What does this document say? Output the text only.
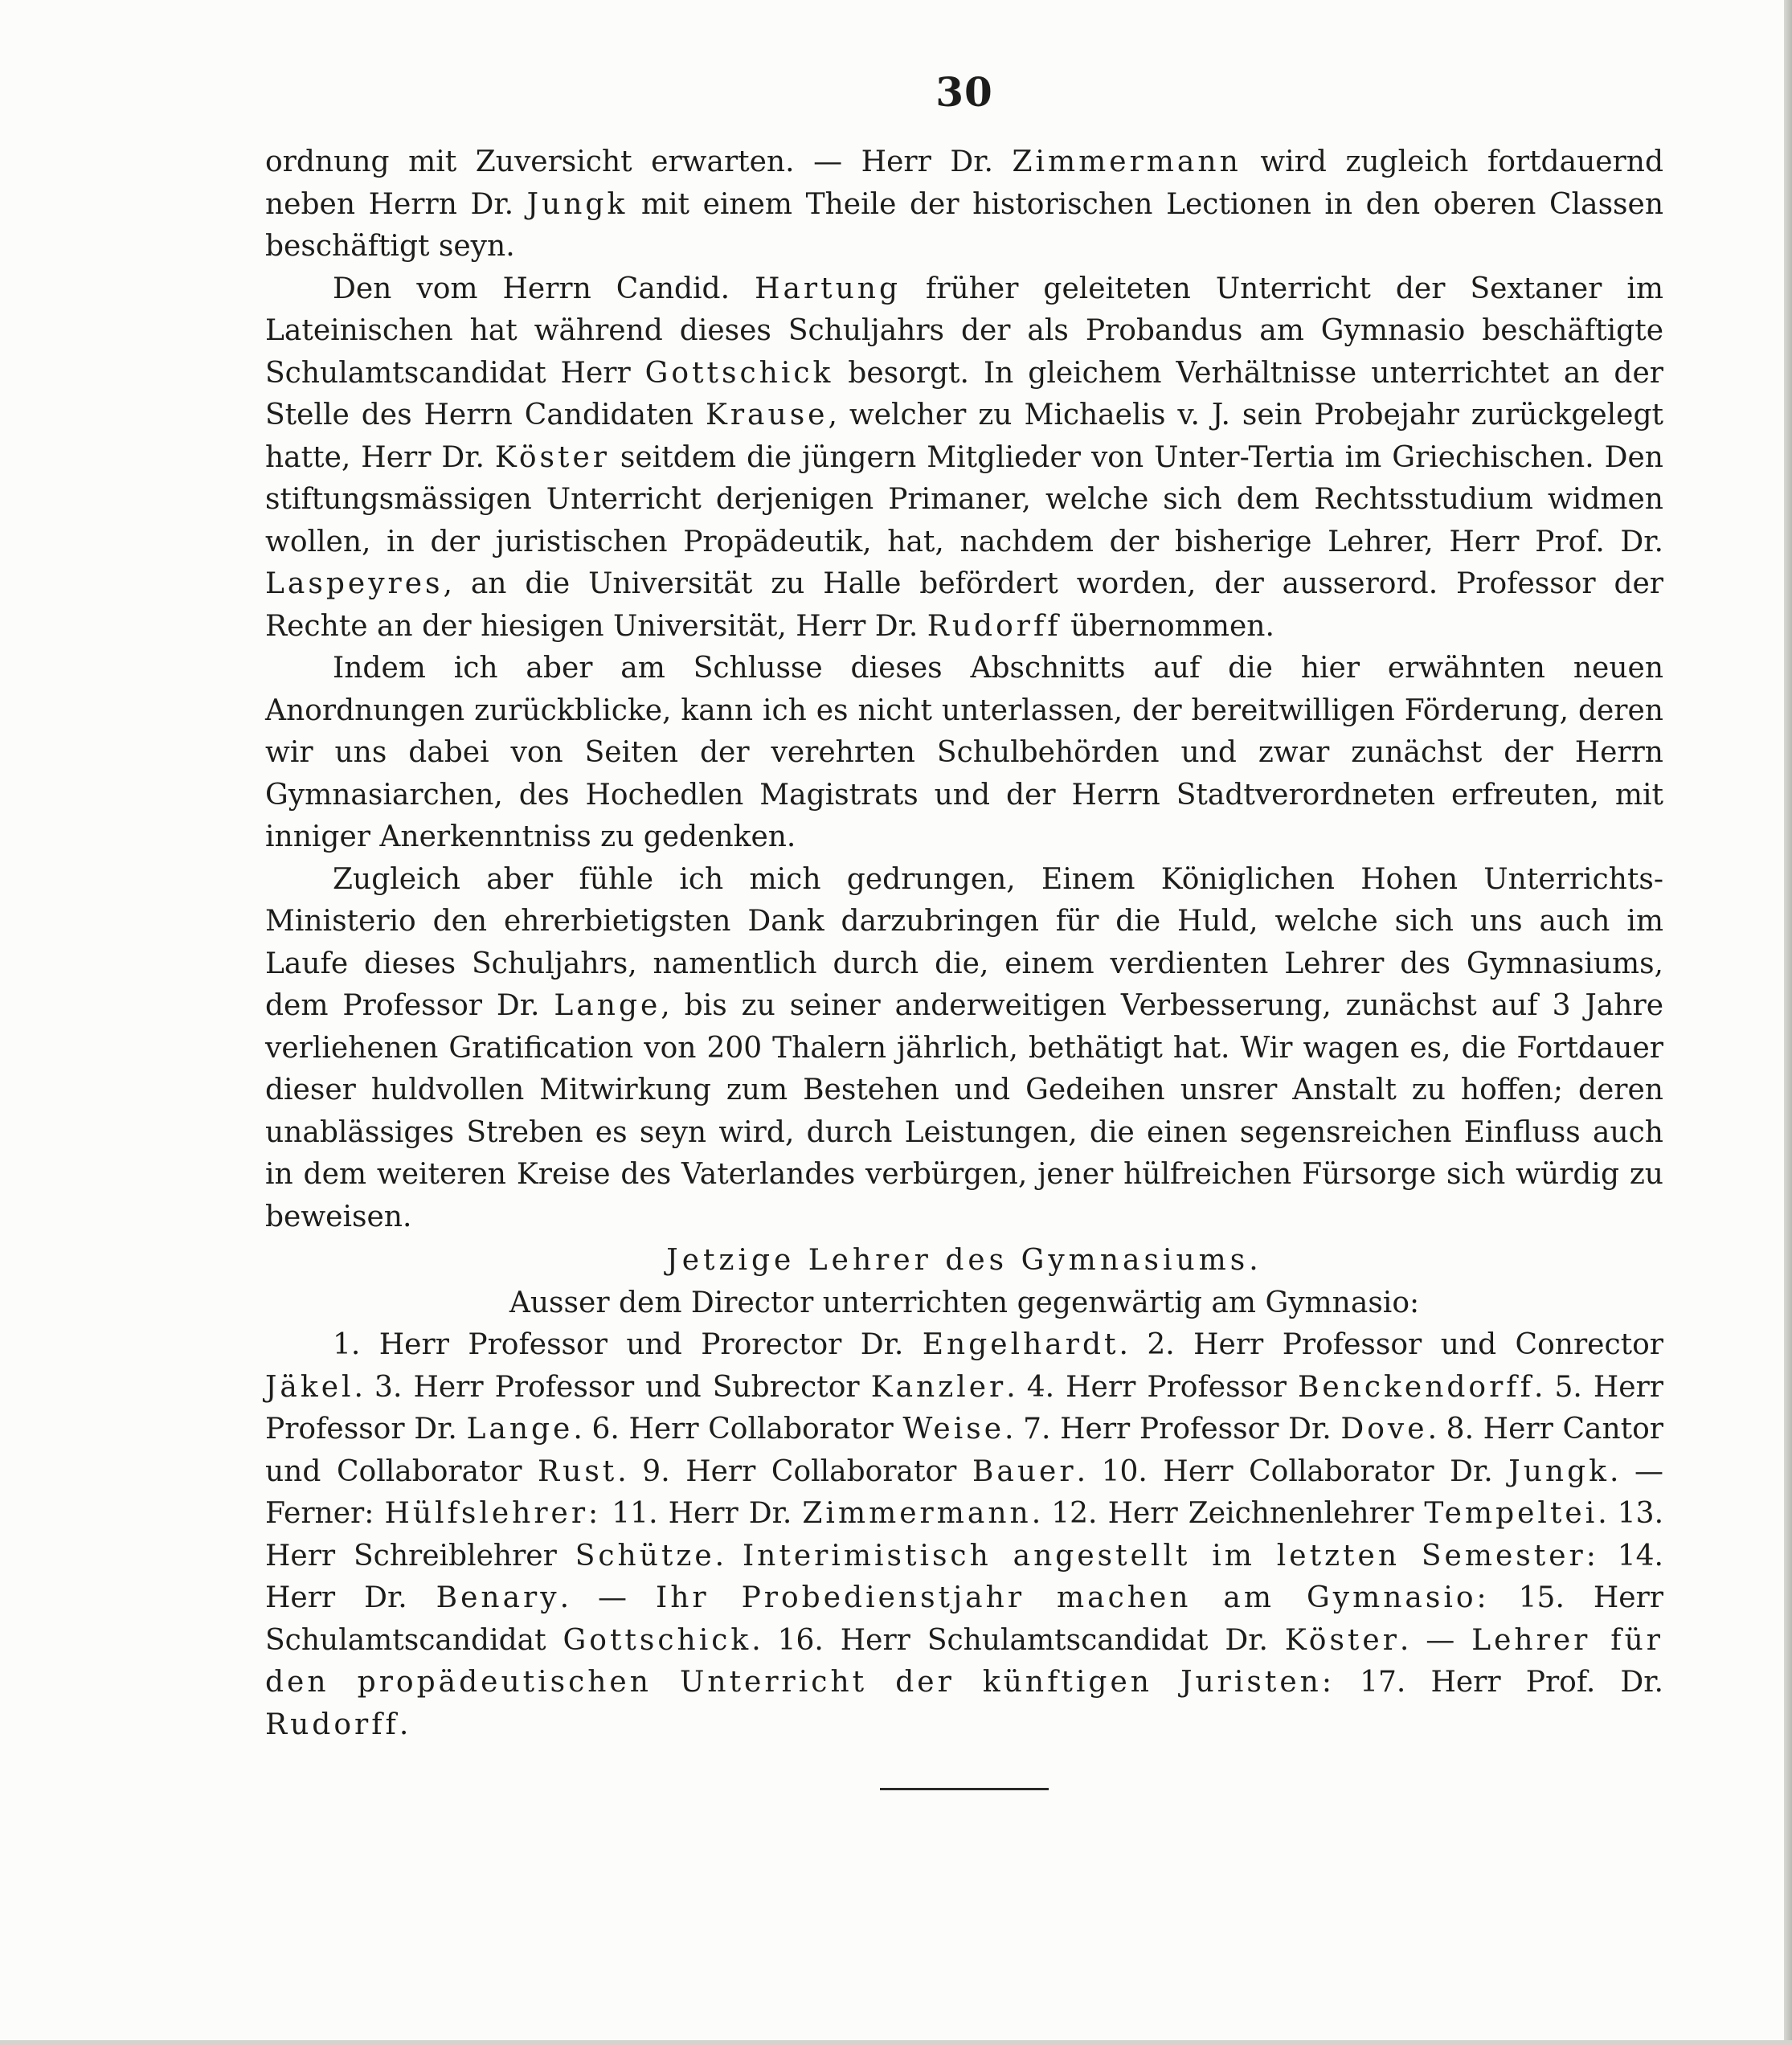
30

ordnung mit Zuversicht erwarten. — Herr Dr. Zimmermann wird zugleich fortdauernd neben Herrn Dr. Jungk mit einem Theile der historischen Lectionen in den oberen Classen beschäftigt seyn.

Den vom Herrn Candid. Hartung früher geleiteten Unterricht der Sextaner im Lateinischen hat während dieses Schuljahrs der als Probandus am Gymnasio beschäftigte Schulamtscandidat Herr Gottschick besorgt. In gleichem Verhältnisse unterrichtet an der Stelle des Herrn Candidaten Krause, welcher zu Michaelis v. J. sein Probejahr zurückgelegt hatte, Herr Dr. Köster seitdem die jüngern Mitglieder von Unter-Tertia im Griechischen. Den stiftungsmässigen Unterricht derjenigen Primaner, welche sich dem Rechtsstudium widmen wollen, in der juristischen Propädeutik, hat, nachdem der bisherige Lehrer, Herr Prof. Dr. Laspeyres, an die Universität zu Halle befördert worden, der ausserord. Professor der Rechte an der hiesigen Universität, Herr Dr. Rudorff übernommen.

Indem ich aber am Schlusse dieses Abschnitts auf die hier erwähnten neuen Anordnungen zurückblicke, kann ich es nicht unterlassen, der bereitwilligen Förderung, deren wir uns dabei von Seiten der verehrten Schulbehörden und zwar zunächst der Herrn Gymnasiarchen, des Hochedlen Magistrats und der Herrn Stadtverordneten erfreuten, mit inniger Anerkenntniss zu gedenken.

Zugleich aber fühle ich mich gedrungen, Einem Königlichen Hohen Unterrichts-Ministerio den ehrerbietigsten Dank darzubringen für die Huld, welche sich uns auch im Laufe dieses Schuljahrs, namentlich durch die, einem verdienten Lehrer des Gymnasiums, dem Professor Dr. Lange, bis zu seiner anderweitigen Verbesserung, zunächst auf 3 Jahre verliehenen Gratification von 200 Thalern jährlich, bethätigt hat. Wir wagen es, die Fortdauer dieser huldvollen Mitwirkung zum Bestehen und Gedeihen unsrer Anstalt zu hoffen; deren unablässiges Streben es seyn wird, durch Leistungen, die einen segensreichen Einfluss auch in dem weiteren Kreise des Vaterlandes verbürgen, jener hülfreichen Fürsorge sich würdig zu beweisen.

Jetzige Lehrer des Gymnasiums.
Ausser dem Director unterrichten gegenwärtig am Gymnasio:

1. Herr Professor und Prorector Dr. Engelhardt. 2. Herr Professor und Conrector Jäkel. 3. Herr Professor und Subrector Kanzler. 4. Herr Professor Benckendorff. 5. Herr Professor Dr. Lange. 6. Herr Collaborator Weise. 7. Herr Professor Dr. Dove. 8. Herr Cantor und Collaborator Rust. 9. Herr Collaborator Bauer. 10. Herr Collaborator Dr. Jungk. — Ferner: Hülfslehrer: 11. Herr Dr. Zimmermann. 12. Herr Zeichnenlehrer Tempeltei. 13. Herr Schreiblehrer Schütze. Interimistisch angestellt im letzten Semester: 14. Herr Dr. Benary. — Ihr Probedienstjahr machen am Gymnasio: 15. Herr Schulamtscandidat Gottschick. 16. Herr Schulamtscandidat Dr. Köster. — Lehrer für den propädeutischen Unterricht der künftigen Juristen: 17. Herr Prof. Dr. Rudorff.
